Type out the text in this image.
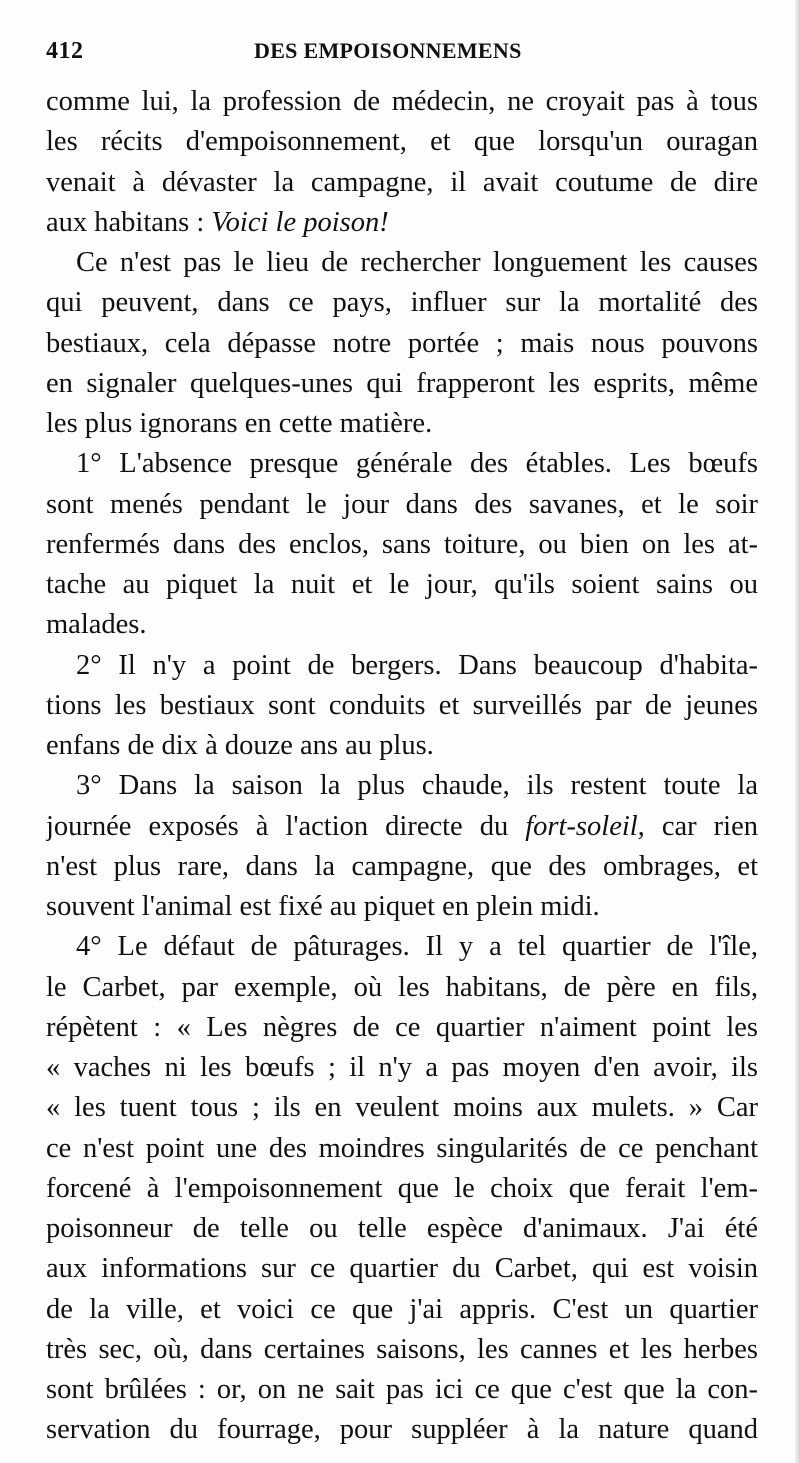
412	DES EMPOISONNEMENS
comme lui, la profession de médecin, ne croyait pas à tous
les récits d'empoisonnement, et que lorsqu'un ouragan
venait à dévaster la campagne, il avait coutume de dire
aux habitans : Voici le poison!
Ce n'est pas le lieu de rechercher longuement les causes
qui peuvent, dans ce pays, influer sur la mortalité des
bestiaux, cela dépasse notre portée ; mais nous pouvons
en signaler quelques-unes qui frapperont les esprits, même
les plus ignorans en cette matière.
1° L'absence presque générale des étables. Les bœufs
sont menés pendant le jour dans des savanes, et le soir
renfermés dans des enclos, sans toiture, ou bien on les at-
tache au piquet la nuit et le jour, qu'ils soient sains ou
malades.
2° Il n'y a point de bergers. Dans beaucoup d'habita-
tions les bestiaux sont conduits et surveillés par de jeunes
enfans de dix à douze ans au plus.
3° Dans la saison la plus chaude, ils restent toute la
journée exposés à l'action directe du fort-soleil, car rien
n'est plus rare, dans la campagne, que des ombrages, et
souvent l'animal est fixé au piquet en plein midi.
4° Le défaut de pâturages. Il y a tel quartier de l'île,
le Carbet, par exemple, où les habitans, de père en fils,
répètent : « Les nègres de ce quartier n'aiment point les
« vaches ni les bœufs ; il n'y a pas moyen d'en avoir, ils
« les tuent tous ; ils en veulent moins aux mulets. » Car
ce n'est point une des moindres singularités de ce penchant
forcené à l'empoisonnement que le choix que ferait l'em-
poisonneur de telle ou telle espèce d'animaux. J'ai été
aux informations sur ce quartier du Carbet, qui est voisin
de la ville, et voici ce que j'ai appris. C'est un quartier
très sec, où, dans certaines saisons, les cannes et les herbes
sont brûlées : or, on ne sait pas ici ce que c'est que la con-
servation du fourrage, pour suppléer à la nature quand
